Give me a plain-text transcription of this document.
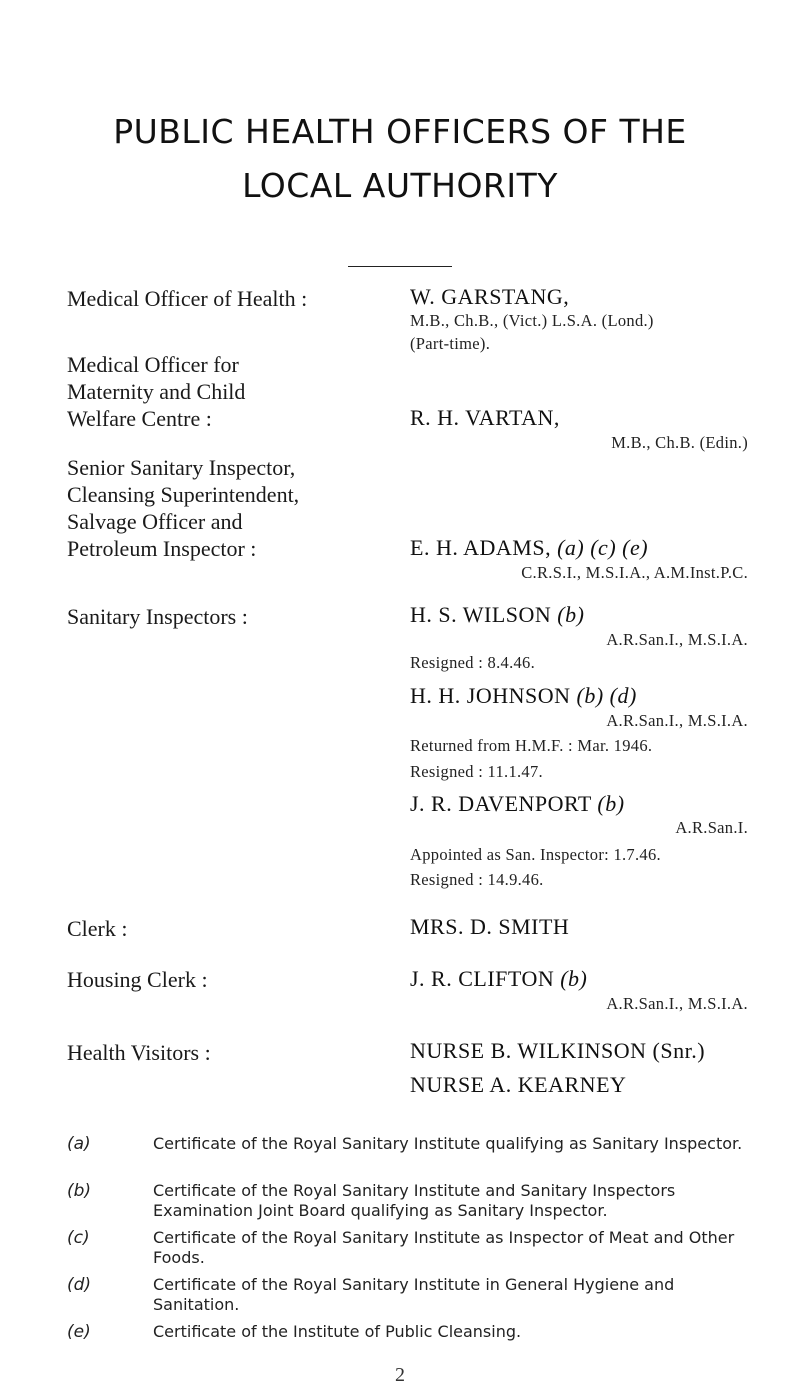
PUBLIC HEALTH OFFICERS OF THE
LOCAL AUTHORITY
Medical Officer of Health :	W. GARSTANG,
M.B., Ch.B., (Vict.) L.S.A. (Lond.)
(Part-time).
Medical Officer for
Maternity and Child
Welfare Centre :	R. H. VARTAN,
M.B., Ch.B. (Edin.)
Senior Sanitary Inspector,
Cleansing Superintendent,
Salvage Officer and
Petroleum Inspector :	E. H. ADAMS, (a) (c) (e)
C.R.S.I., M.S.I.A., A.M.Inst.P.C.
Sanitary Inspectors :	H. S. WILSON (b)
A.R.San.I., M.S.I.A.
Resigned : 8.4.46.
H. H. JOHNSON (b) (d)
A.R.San.I., M.S.I.A.
Returned from H.M.F. : Mar. 1946.
Resigned : 11.1.47.
J. R. DAVENPORT (b)
A.R.San.I.
Appointed as San. Inspector: 1.7.46.
Resigned : 14.9.46.
Clerk :	MRS. D. SMITH
Housing Clerk :	J. R. CLIFTON (b)
A.R.San.I., M.S.I.A.
Health Visitors :	NURSE B. WILKINSON (Snr.)
NURSE A. KEARNEY
(a)	Certificate of the Royal Sanitary Institute qualifying as Sanitary Inspector.
(b)	Certificate of the Royal Sanitary Institute and Sanitary Inspectors Examination Joint Board qualifying as Sanitary Inspector.
(c)	Certificate of the Royal Sanitary Institute as Inspector of Meat and Other Foods.
(d)	Certificate of the Royal Sanitary Institute in General Hygiene and Sanitation.
(e)	Certificate of the Institute of Public Cleansing.
2
